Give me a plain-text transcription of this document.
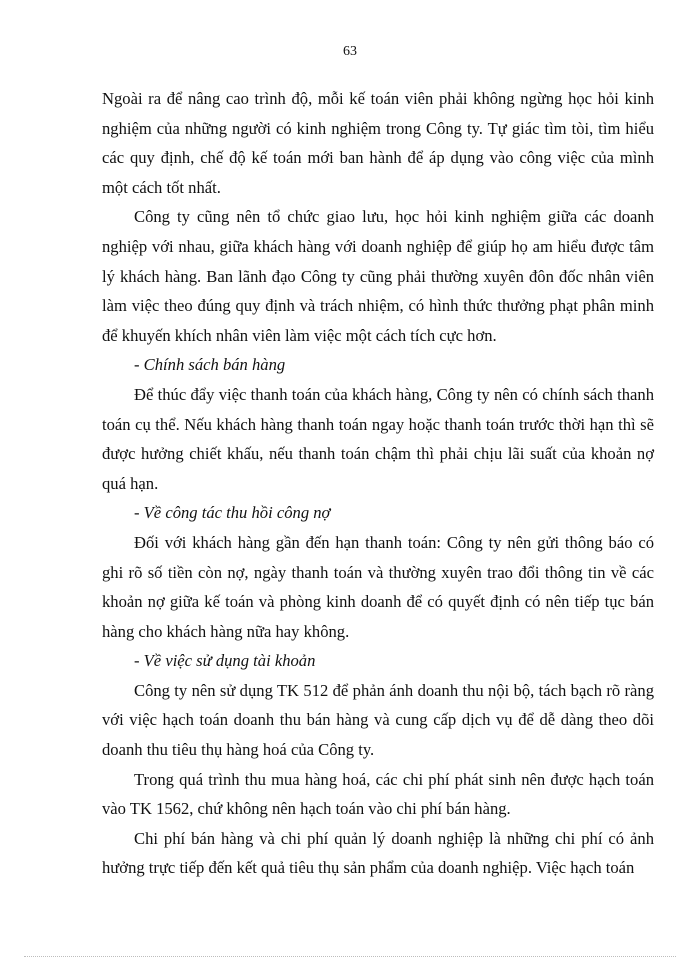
63

Ngoài ra để nâng cao trình độ, mỗi kế toán viên phải không ngừng học hỏi kinh nghiệm của những người có kinh nghiệm trong Công ty. Tự giác tìm tòi, tìm hiểu các quy định, chế độ kế toán mới ban hành để áp dụng vào công việc của mình một cách tốt nhất.

Công ty cũng nên tổ chức giao lưu, học hỏi kinh nghiệm giữa các doanh nghiệp với nhau, giữa khách hàng với doanh nghiệp để giúp họ am hiểu được tâm lý khách hàng. Ban lãnh đạo Công ty cũng phải thường xuyên đôn đốc nhân viên làm việc theo đúng quy định và trách nhiệm, có hình thức thưởng phạt phân minh để khuyến khích nhân viên làm việc một cách tích cực hơn.

- Chính sách bán hàng

Để thúc đẩy việc thanh toán của khách hàng, Công ty nên có chính sách thanh toán cụ thể. Nếu khách hàng thanh toán ngay hoặc thanh toán trước thời hạn thì sẽ được hưởng chiết khấu, nếu thanh toán chậm thì phải chịu lãi suất của khoản nợ quá hạn.

- Về công tác thu hồi công nợ

Đối với khách hàng gần đến hạn thanh toán: Công ty nên gửi thông báo có ghi rõ số tiền còn nợ, ngày thanh toán và thường xuyên trao đổi thông tin về các khoản nợ giữa kế toán và phòng kinh doanh để có quyết định có nên tiếp tục bán hàng cho khách hàng nữa hay không.

- Về việc sử dụng tài khoản

Công ty nên sử dụng TK 512 để phản ánh doanh thu nội bộ, tách bạch rõ ràng với việc hạch toán doanh thu bán hàng và cung cấp dịch vụ để dễ dàng theo dõi doanh thu tiêu thụ hàng hoá của Công ty.

Trong quá trình thu mua hàng hoá, các chi phí phát sinh nên được hạch toán vào TK 1562, chứ không nên hạch toán vào chi phí bán hàng.

Chi phí bán hàng và chi phí quản lý doanh nghiệp là những chi phí có ảnh hưởng trực tiếp đến kết quả tiêu thụ sản phẩm của doanh nghiệp. Việc hạch toán
